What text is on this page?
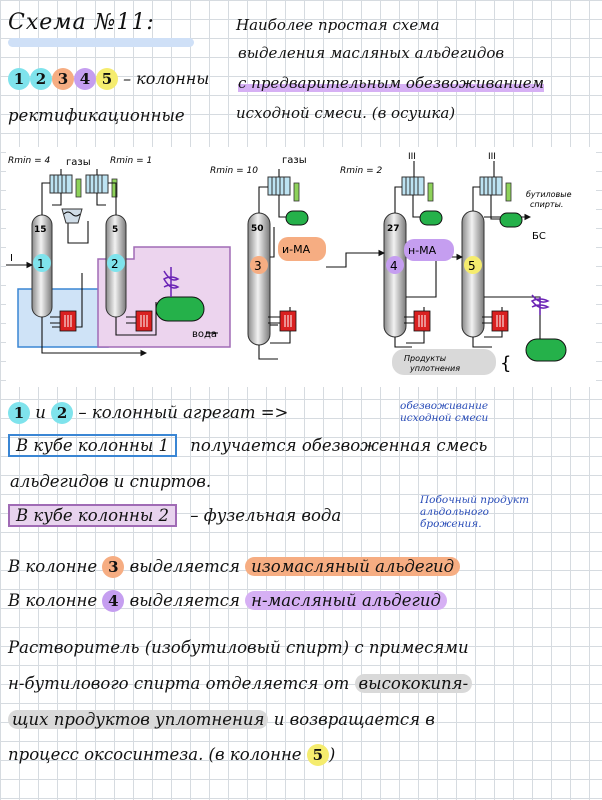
Схема №11:	Наиболее простая схема
выделения масляных альдегидов
с предварительным обезвоживанием
исходной смеси. (в осушка)
1 2 3 4 5 – колонны
ректификационные
1	2	3	4	5
15	5	50	27
Rmin = 4	Rmin = 1
Rmin = 10	Rmin = 2
газы	газы	III	III
I
вода
и-МА	н-МА
БС
бутиловые
спирты.
Продукты
уплотнения {
1 и 2 – колонный агрегат =>	обезвоживание
исходной смеси
В кубе колонны 1 получается обезвоженная смесь
альдегидов и спиртов.
В кубе колонны 2 – фузельная вода
Побочный продукт
альдольного
брожения.
В колонне 3 выделяется изомасляный альдегид
В колонне 4 выделяется н-масляный альдегид
Растворитель (изобутиловый спирт) с примесями
н-бутилового спирта отделяется от высококипя-
щих продуктов уплотнения и возвращается в
процесс оксосинтеза. (в колонне 5 )
